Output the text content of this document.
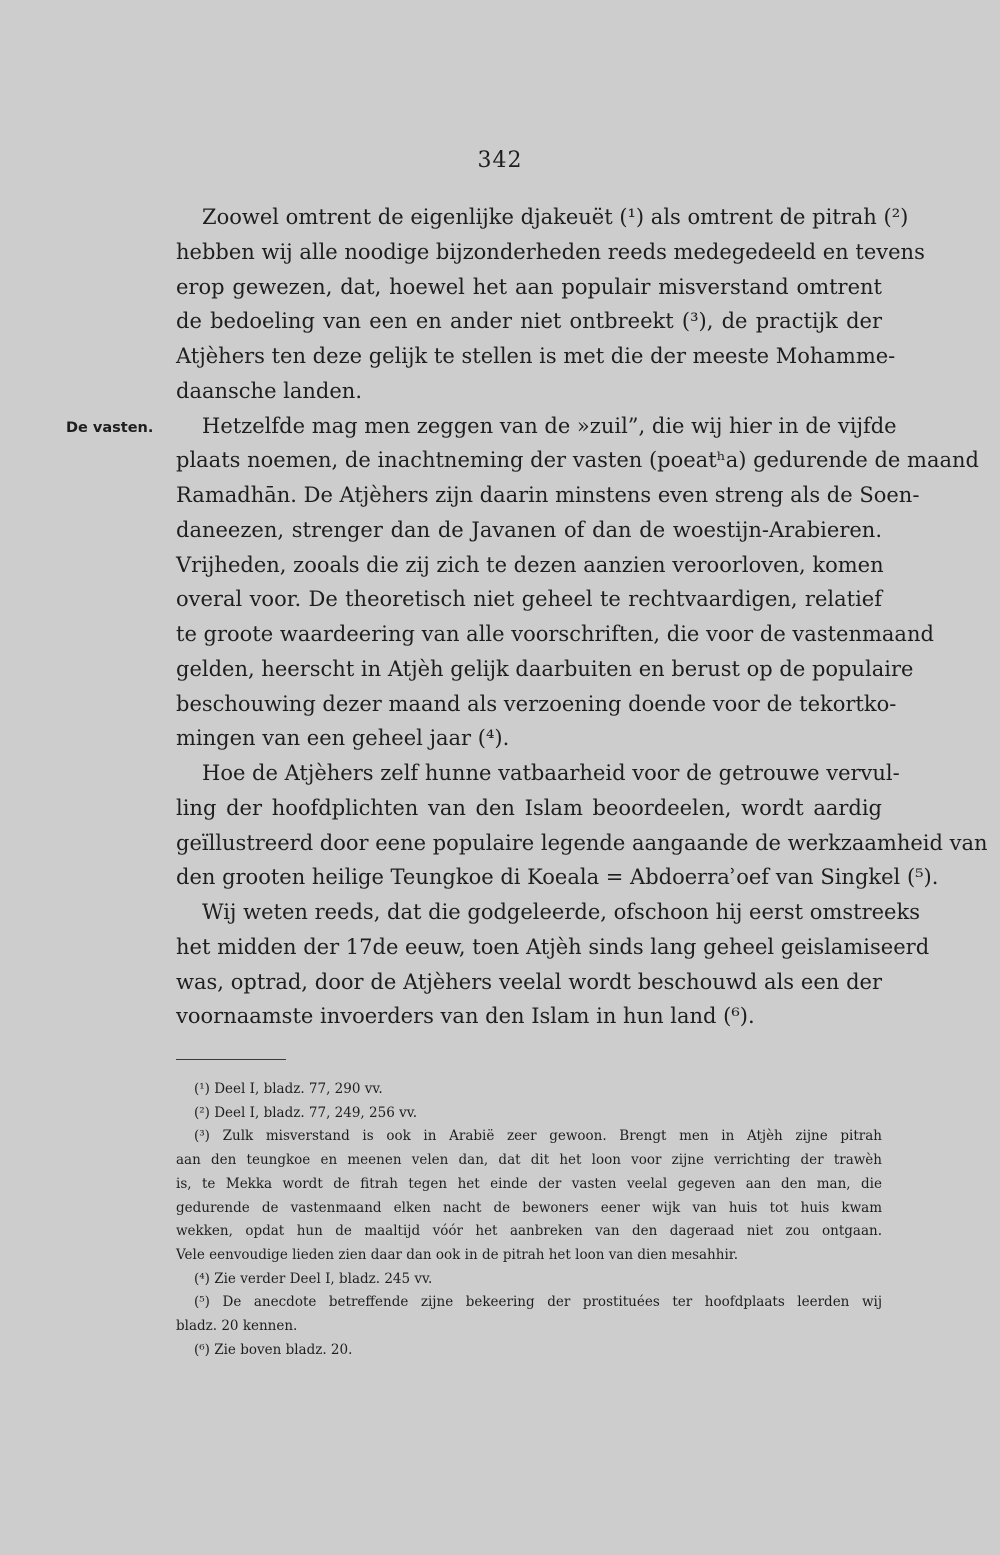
342
De vasten.
Zoowel omtrent de eigenlijke djakeuët (¹) als omtrent de pitrah (²)
hebben wij alle noodige bijzonderheden reeds medegedeeld en tevens
erop gewezen, dat, hoewel het aan populair misverstand omtrent
de bedoeling van een en ander niet ontbreekt (³), de practijk der
Atjèhers ten deze gelijk te stellen is met die der meeste Mohamme-
daansche landen.
Hetzelfde mag men zeggen van de »zuil”, die wij hier in de vijfde
plaats noemen, de inachtneming der vasten (poeatʰa) gedurende de maand
Ramadhān. De Atjèhers zijn daarin minstens even streng als de Soen-
daneezen, strenger dan de Javanen of dan de woestijn-Arabieren.
Vrijheden, zooals die zij zich te dezen aanzien veroorloven, komen
overal voor. De theoretisch niet geheel te rechtvaardigen, relatief
te groote waardeering van alle voorschriften, die voor de vastenmaand
gelden, heerscht in Atjèh gelijk daarbuiten en berust op de populaire
beschouwing dezer maand als verzoening doende voor de tekortko-
mingen van een geheel jaar (⁴).
Hoe de Atjèhers zelf hunne vatbaarheid voor de getrouwe vervul-
ling der hoofdplichten van den Islam beoordeelen, wordt aardig
geïllustreerd door eene populaire legende aangaande de werkzaamheid van
den grooten heilige Teungkoe di Koeala = Abdoerraʾoef van Singkel (⁵).
Wij weten reeds, dat die godgeleerde, ofschoon hij eerst omstreeks
het midden der 17de eeuw, toen Atjèh sinds lang geheel geislamiseerd
was, optrad, door de Atjèhers veelal wordt beschouwd als een der
voornaamste invoerders van den Islam in hun land (⁶).
(¹) Deel I, bladz. 77, 290 vv.
(²) Deel I, bladz. 77, 249, 256 vv.
(³) Zulk misverstand is ook in Arabië zeer gewoon. Brengt men in Atjèh zijne pitrah
aan den teungkoe en meenen velen dan, dat dit het loon voor zijne verrichting der trawèh
is, te Mekka wordt de fitrah tegen het einde der vasten veelal gegeven aan den man, die
gedurende de vastenmaand elken nacht de bewoners eener wijk van huis tot huis kwam
wekken, opdat hun de maaltijd vóór het aanbreken van den dageraad niet zou ontgaan.
Vele eenvoudige lieden zien daar dan ook in de pitrah het loon van dien mesahhir.
(⁴) Zie verder Deel I, bladz. 245 vv.
(⁵) De anecdote betreffende zijne bekeering der prostituées ter hoofdplaats leerden wij
bladz. 20 kennen.
(⁶) Zie boven bladz. 20.
